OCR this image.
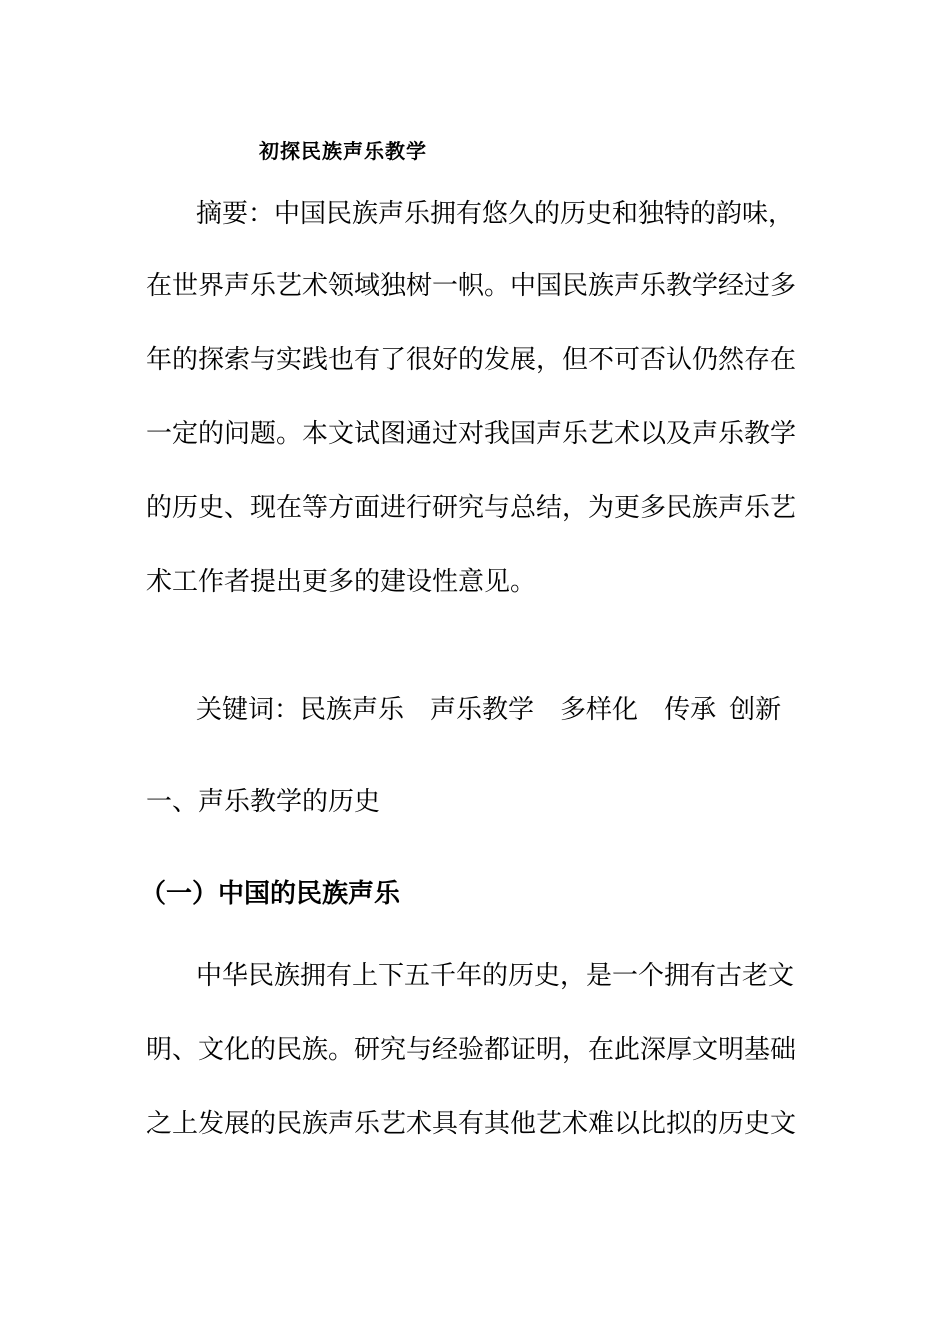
初探民族声乐教学
摘要：中国民族声乐拥有悠久的历史和独特的韵味，
在世界声乐艺术领域独树一帜。中国民族声乐教学经过多
年的探索与实践也有了很好的发展，但不可否认仍然存在
一定的问题。本文试图通过对我国声乐艺术以及声乐教学
的历史、现在等方面进行研究与总结，为更多民族声乐艺
术工作者提出更多的建设性意见。
关键词：民族声乐 声乐教学 多样化 传承 创新
一、声乐教学的历史
（一）中国的民族声乐
中华民族拥有上下五千年的历史，是一个拥有古老文
明、文化的民族。研究与经验都证明，在此深厚文明基础
之上发展的民族声乐艺术具有其他艺术难以比拟的历史文
